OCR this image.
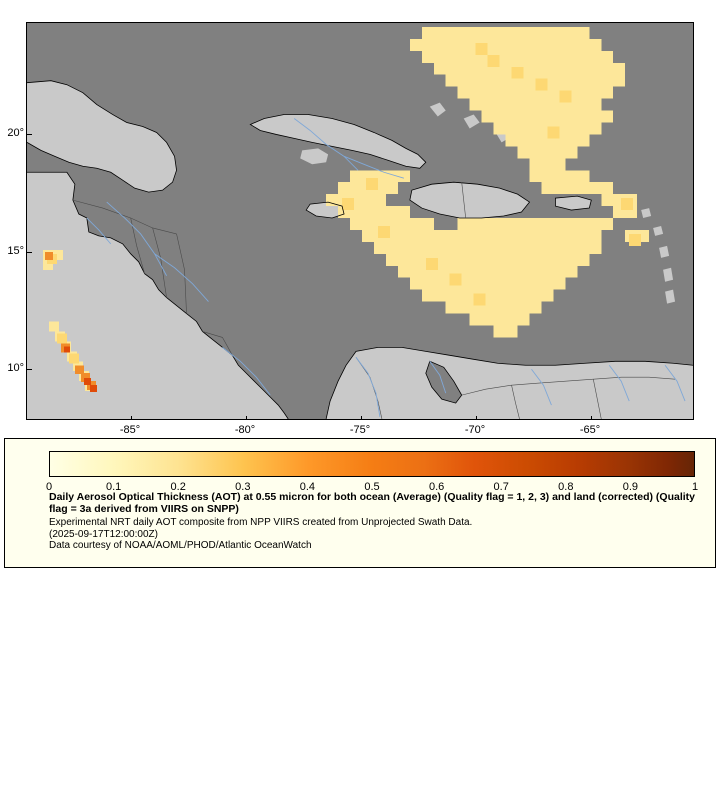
20°
15°
10°
-85°	-80°	-75°	-70°	-65°
0	0.1	0.2	0.3	0.4	0.5	0.6	0.7	0.8	0.9	1
Daily Aerosol Optical Thickness (AOT) at 0.55 micron for both ocean (Average) (Quality flag = 1, 2, 3) and land (corrected) (Quality flag = 3a derived from VIIRS on SNPP)

Experimental NRT daily AOT composite from NPP VIIRS created from Unprojected Swath Data.

(2025-09-17T12:00:00Z)

Data courtesy of NOAA/AOML/PHOD/Atlantic OceanWatch
